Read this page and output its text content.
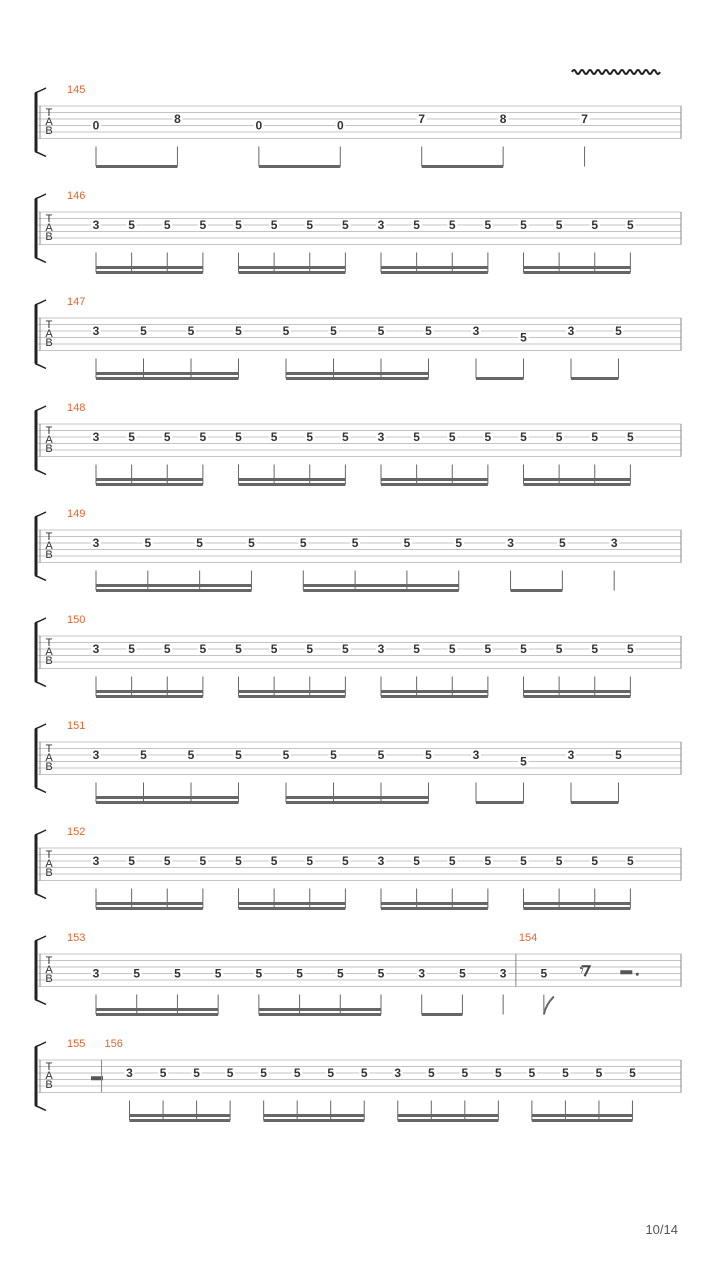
T
A
B
145
0	8	0	0	7	8	7
T
A
B
146
3 5 5 5 5 5 5 5 3 5 5 5 5 5 5 5
T
A
B
147
3	5	5	5	5	5	5	5	3	5	3	5
T
A
B
148
3 5 5 5 5 5 5 5 3 5 5 5 5 5 5 5
T
A
B
149
3	5	5	5	5	5	5	5	3	5	3
T
A
B
150
3 5 5 5 5 5 5 5 3 5 5 5 5 5 5 5
T
A
B
151
3	5	5	5	5	5	5	5	3	5	3	5
T
A
B
152
3 5 5 5 5 5 5 5 3 5 5 5 5 5 5 5
T
A
B
153
3	5	5	5	5	5	5	5	3	5	3
154
5 𝄾
T
A
B
155 156
3 5 5 5 5 5 5 5 3 5 5 5 5 5 5 5
10/14
